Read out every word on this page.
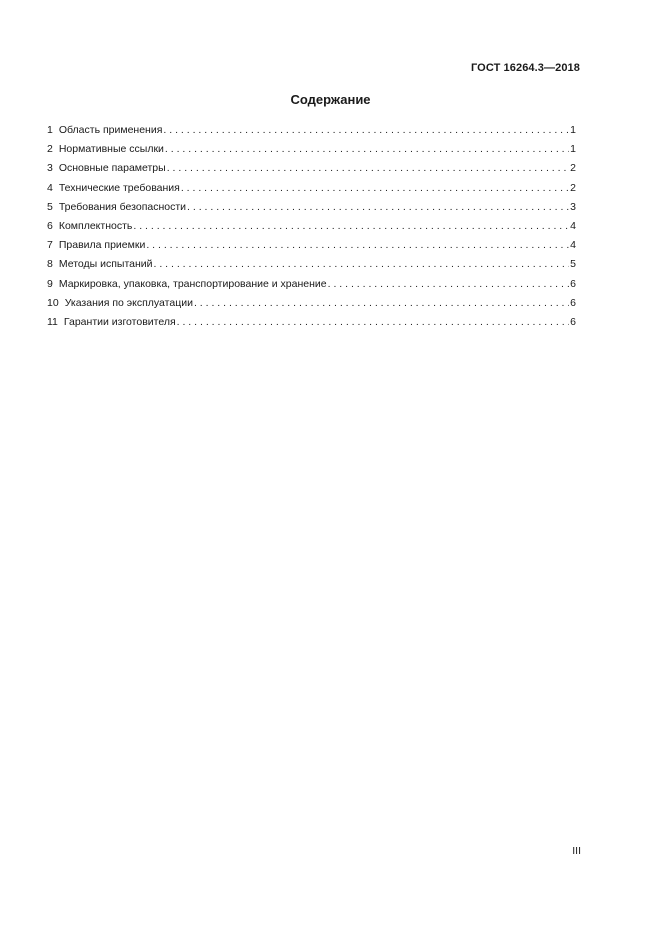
ГОСТ 16264.3—2018
Содержание
1 Область применения . . .	1
2 Нормативные ссылки . . .	1
3 Основные параметры . . .	2
4 Технические требования . . .	2
5 Требования безопасности . . .	3
6 Комплектность . . .	4
7 Правила приемки . . .	4
8 Методы испытаний . . .	5
9 Маркировка, упаковка, транспортирование и хранение . . .	6
10 Указания по эксплуатации . . .	6
11 Гарантии изготовителя . . .	6
III
